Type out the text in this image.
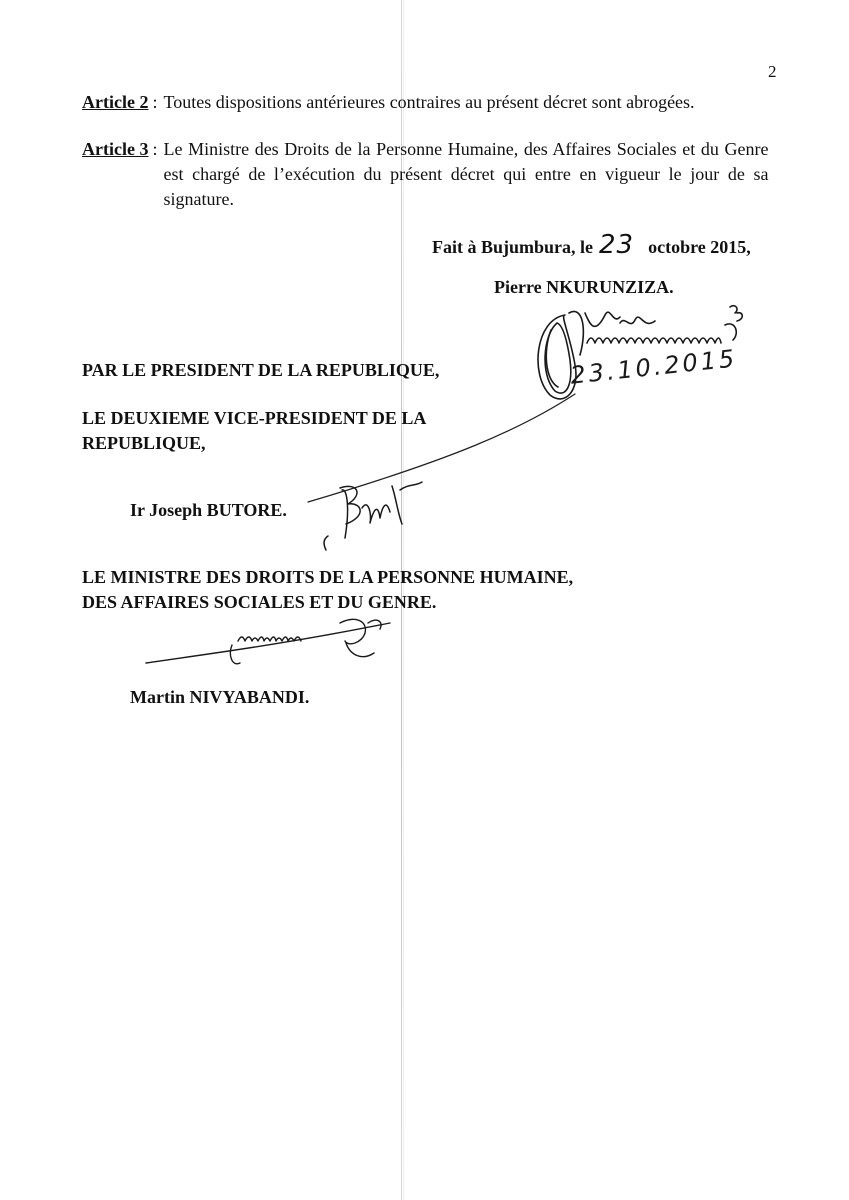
2
Article 2 : Toutes dispositions antérieures contraires au présent décret sont abrogées.
Article 3 : Le Ministre des Droits de la Personne Humaine, des Affaires Sociales et du Genre est chargé de l’exécution du présent décret qui entre en vigueur le jour de sa signature.
Fait à Bujumbura, le 23 octobre 2015,
Pierre NKURUNZIZA.
23.10.2015
PAR LE PRESIDENT DE LA REPUBLIQUE,
LE DEUXIEME VICE-PRESIDENT DE LA REPUBLIQUE,
Ir Joseph BUTORE.
LE MINISTRE DES DROITS DE LA PERSONNE HUMAINE,
DES AFFAIRES SOCIALES ET DU GENRE.
Martin NIVYABANDI.
